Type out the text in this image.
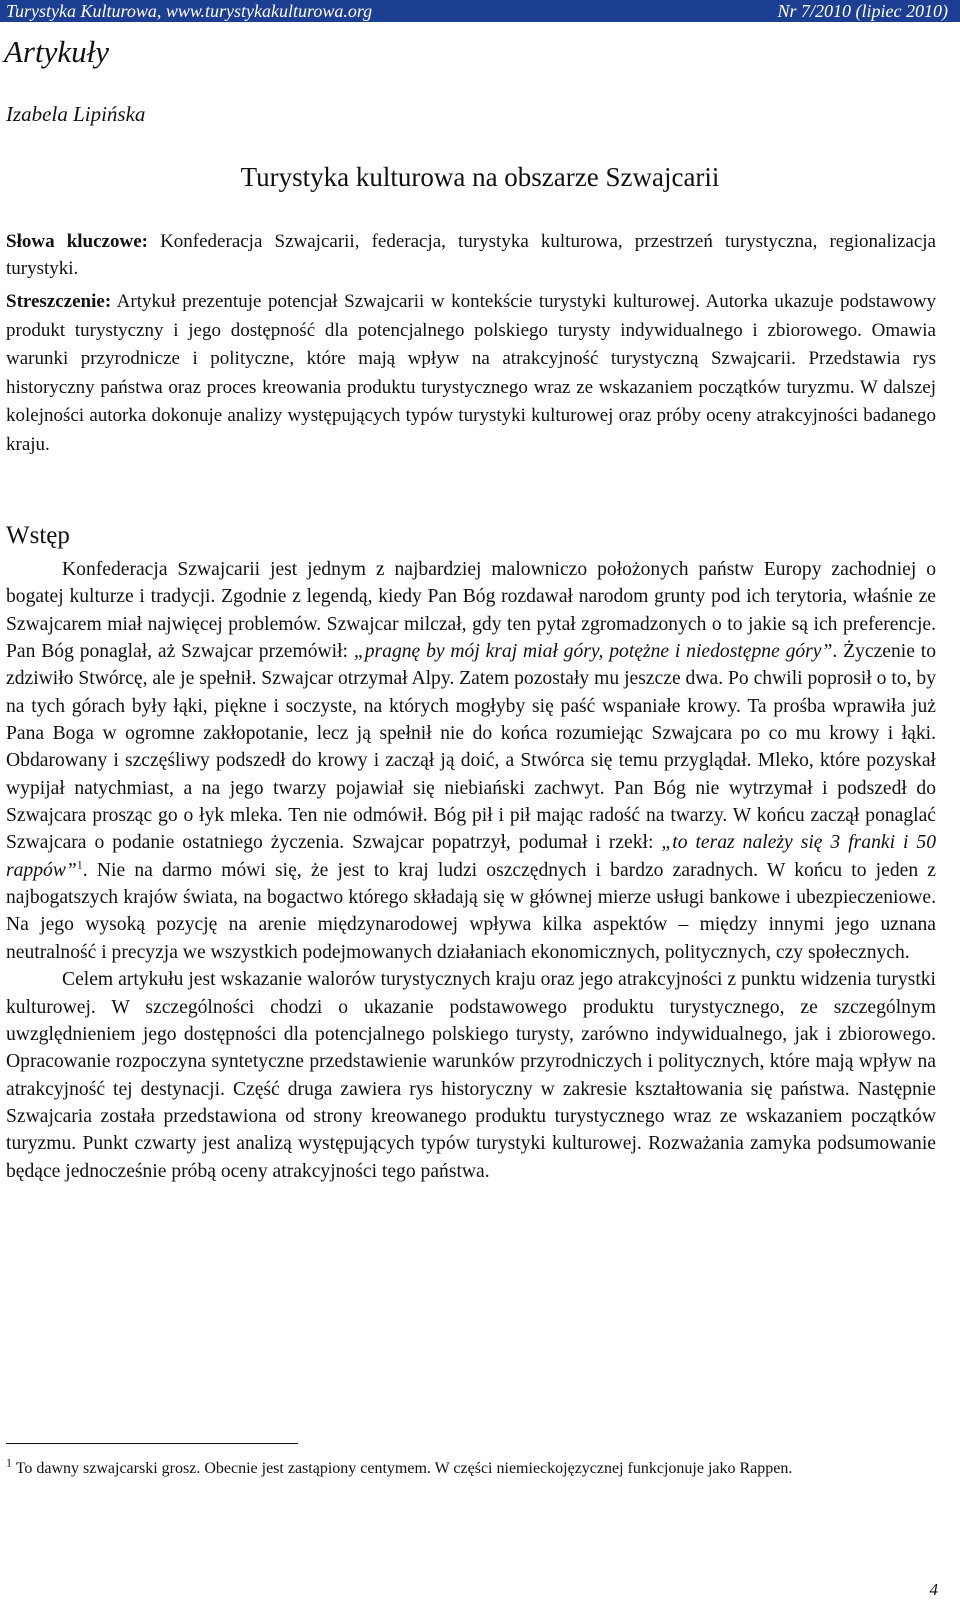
Turystyka Kulturowa, www.turystykakulturowa.org	Nr 7/2010 (lipiec 2010)
Artykuły
Izabela Lipińska
Turystyka kulturowa na obszarze Szwajcarii

Słowa kluczowe: Konfederacja Szwajcarii, federacja, turystyka kulturowa, przestrzeń turystyczna, regionalizacja turystyki.

Streszczenie: Artykuł prezentuje potencjał Szwajcarii w kontekście turystyki kulturowej. Autorka ukazuje podstawowy produkt turystyczny i jego dostępność dla potencjalnego polskiego turysty indywidualnego i zbiorowego. Omawia warunki przyrodnicze i polityczne, które mają wpływ na atrakcyjność turystyczną Szwajcarii. Przedstawia rys historyczny państwa oraz proces kreowania produktu turystycznego wraz ze wskazaniem początków turyzmu. W dalszej kolejności autorka dokonuje analizy występujących typów turystyki kulturowej oraz próby oceny atrakcyjności badanego kraju.

Wstęp

Konfederacja Szwajcarii jest jednym z najbardziej malowniczo położonych państw Europy zachodniej o bogatej kulturze i tradycji. Zgodnie z legendą, kiedy Pan Bóg rozdawał narodom grunty pod ich terytoria, właśnie ze Szwajcarem miał najwięcej problemów. Szwajcar milczał, gdy ten pytał zgromadzonych o to jakie są ich preferencje. Pan Bóg ponaglał, aż Szwajcar przemówił: „pragnę by mój kraj miał góry, potężne i niedostępne góry”. Życzenie to zdziwiło Stwórcę, ale je spełnił. Szwajcar otrzymał Alpy. Zatem pozostały mu jeszcze dwa. Po chwili poprosił o to, by na tych górach były łąki, piękne i soczyste, na których mogłyby się paść wspaniałe krowy. Ta prośba wprawiła już Pana Boga w ogromne zakłopotanie, lecz ją spełnił nie do końca rozumiejąc Szwajcara po co mu krowy i łąki. Obdarowany i szczęśliwy podszedł do krowy i zaczął ją doić, a Stwórca się temu przyglądał. Mleko, które pozyskał wypijał natychmiast, a na jego twarzy pojawiał się niebiański zachwyt. Pan Bóg nie wytrzymał i podszedł do Szwajcara prosząc go o łyk mleka. Ten nie odmówił. Bóg pił i pił mając radość na twarzy. W końcu zaczął ponaglać Szwajcara o podanie ostatniego życzenia. Szwajcar popatrzył, podumał i rzekł: „to teraz należy się 3 franki i 50 rappów”$^1$. Nie na darmo mówi się, że jest to kraj ludzi oszczędnych i bardzo zaradnych. W końcu to jeden z najbogatszych krajów świata, na bogactwo którego składają się w głównej mierze usługi bankowe i ubezpieczeniowe. Na jego wysoką pozycję na arenie międzynarodowej wpływa kilka aspektów – między innymi jego uznana neutralność i precyzja we wszystkich podejmowanych działaniach ekonomicznych, politycznych, czy społecznych.

Celem artykułu jest wskazanie walorów turystycznych kraju oraz jego atrakcyjności z punktu widzenia turystki kulturowej. W szczególności chodzi o ukazanie podstawowego produktu turystycznego, ze szczególnym uwzględnieniem jego dostępności dla potencjalnego polskiego turysty, zarówno indywidualnego, jak i zbiorowego. Opracowanie rozpoczyna syntetyczne przedstawienie warunków przyrodniczych i politycznych, które mają wpływ na atrakcyjność tej destynacji. Część druga zawiera rys historyczny w zakresie kształtowania się państwa. Następnie Szwajcaria została przedstawiona od strony kreowanego produktu turystycznego wraz ze wskazaniem początków turyzmu. Punkt czwarty jest analizą występujących typów turystyki kulturowej. Rozważania zamyka podsumowanie będące jednocześnie próbą oceny atrakcyjności tego państwa.

$^1$ To dawny szwajcarski grosz. Obecnie jest zastąpiony centymem. W części niemieckojęzycznej funkcjonuje jako Rappen.

4
